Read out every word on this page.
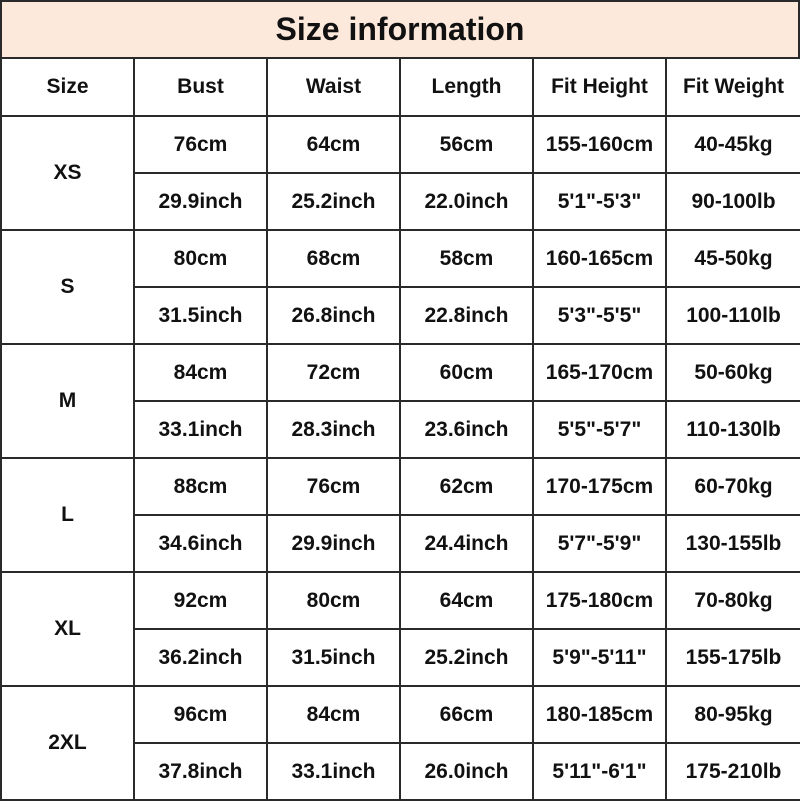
Size information
Size	Bust	Waist	Length	Fit Height	Fit Weight
XS	76cm	64cm	56cm	155-160cm	40-45kg
	29.9inch	25.2inch	22.0inch	5'1"-5'3"	90-100lb
S	80cm	68cm	58cm	160-165cm	45-50kg
	31.5inch	26.8inch	22.8inch	5'3"-5'5"	100-110lb
M	84cm	72cm	60cm	165-170cm	50-60kg
	33.1inch	28.3inch	23.6inch	5'5"-5'7"	110-130lb
L	88cm	76cm	62cm	170-175cm	60-70kg
	34.6inch	29.9inch	24.4inch	5'7"-5'9"	130-155lb
XL	92cm	80cm	64cm	175-180cm	70-80kg
	36.2inch	31.5inch	25.2inch	5'9"-5'11"	155-175lb
2XL	96cm	84cm	66cm	180-185cm	80-95kg
	37.8inch	33.1inch	26.0inch	5'11"-6'1"	175-210lb
